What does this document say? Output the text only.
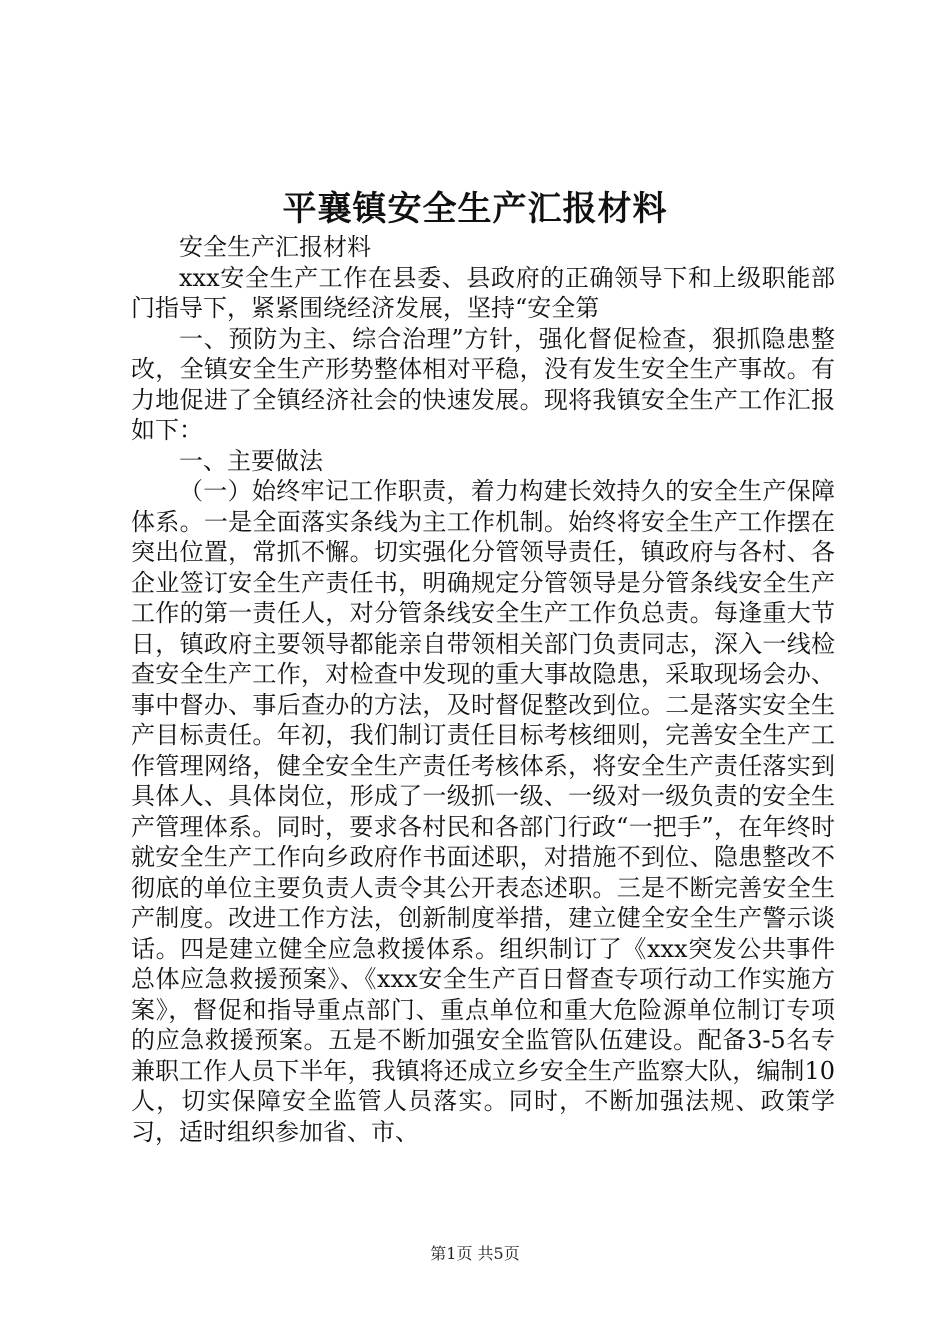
平襄镇安全生产汇报材料

安全生产汇报材料

xxx安全生产工作在县委、县政府的正确领导下和上级职能部门指导下，紧紧围绕经济发展，坚持“安全第

一、预防为主、综合治理”方针，强化督促检查，狠抓隐患整改，全镇安全生产形势整体相对平稳，没有发生安全生产事故。有力地促进了全镇经济社会的快速发展。现将我镇安全生产工作汇报如下：

一、主要做法

（一）始终牢记工作职责，着力构建长效持久的安全生产保障体系。一是全面落实条线为主工作机制。始终将安全生产工作摆在突出位置，常抓不懈。切实强化分管领导责任，镇政府与各村、各企业签订安全生产责任书，明确规定分管领导是分管条线安全生产工作的第一责任人，对分管条线安全生产工作负总责。每逢重大节日，镇政府主要领导都能亲自带领相关部门负责同志，深入一线检查安全生产工作，对检查中发现的重大事故隐患，采取现场会办、事中督办、事后查办的方法，及时督促整改到位。二是落实安全生产目标责任。年初，我们制订责任目标考核细则，完善安全生产工作管理网络，健全安全生产责任考核体系，将安全生产责任落实到具体人、具体岗位，形成了一级抓一级、一级对一级负责的安全生产管理体系。同时，要求各村民和各部门行政“一把手”，在年终时就安全生产工作向乡政府作书面述职，对措施不到位、隐患整改不彻底的单位主要负责人责令其公开表态述职。三是不断完善安全生产制度。改进工作方法，创新制度举措，建立健全安全生产警示谈话。四是建立健全应急救援体系。组织制订了《xxx突发公共事件总体应急救援预案》、《xxx安全生产百日督查专项行动工作实施方案》，督促和指导重点部门、重点单位和重大危险源单位制订专项的应急救援预案。五是不断加强安全监管队伍建设。配备3-5名专兼职工作人员下半年，我镇将还成立乡安全生产监察大队，编制10人，切实保障安全监管人员落实。同时，不断加强法规、政策学习，适时组织参加省、市、

第1页 共5页
